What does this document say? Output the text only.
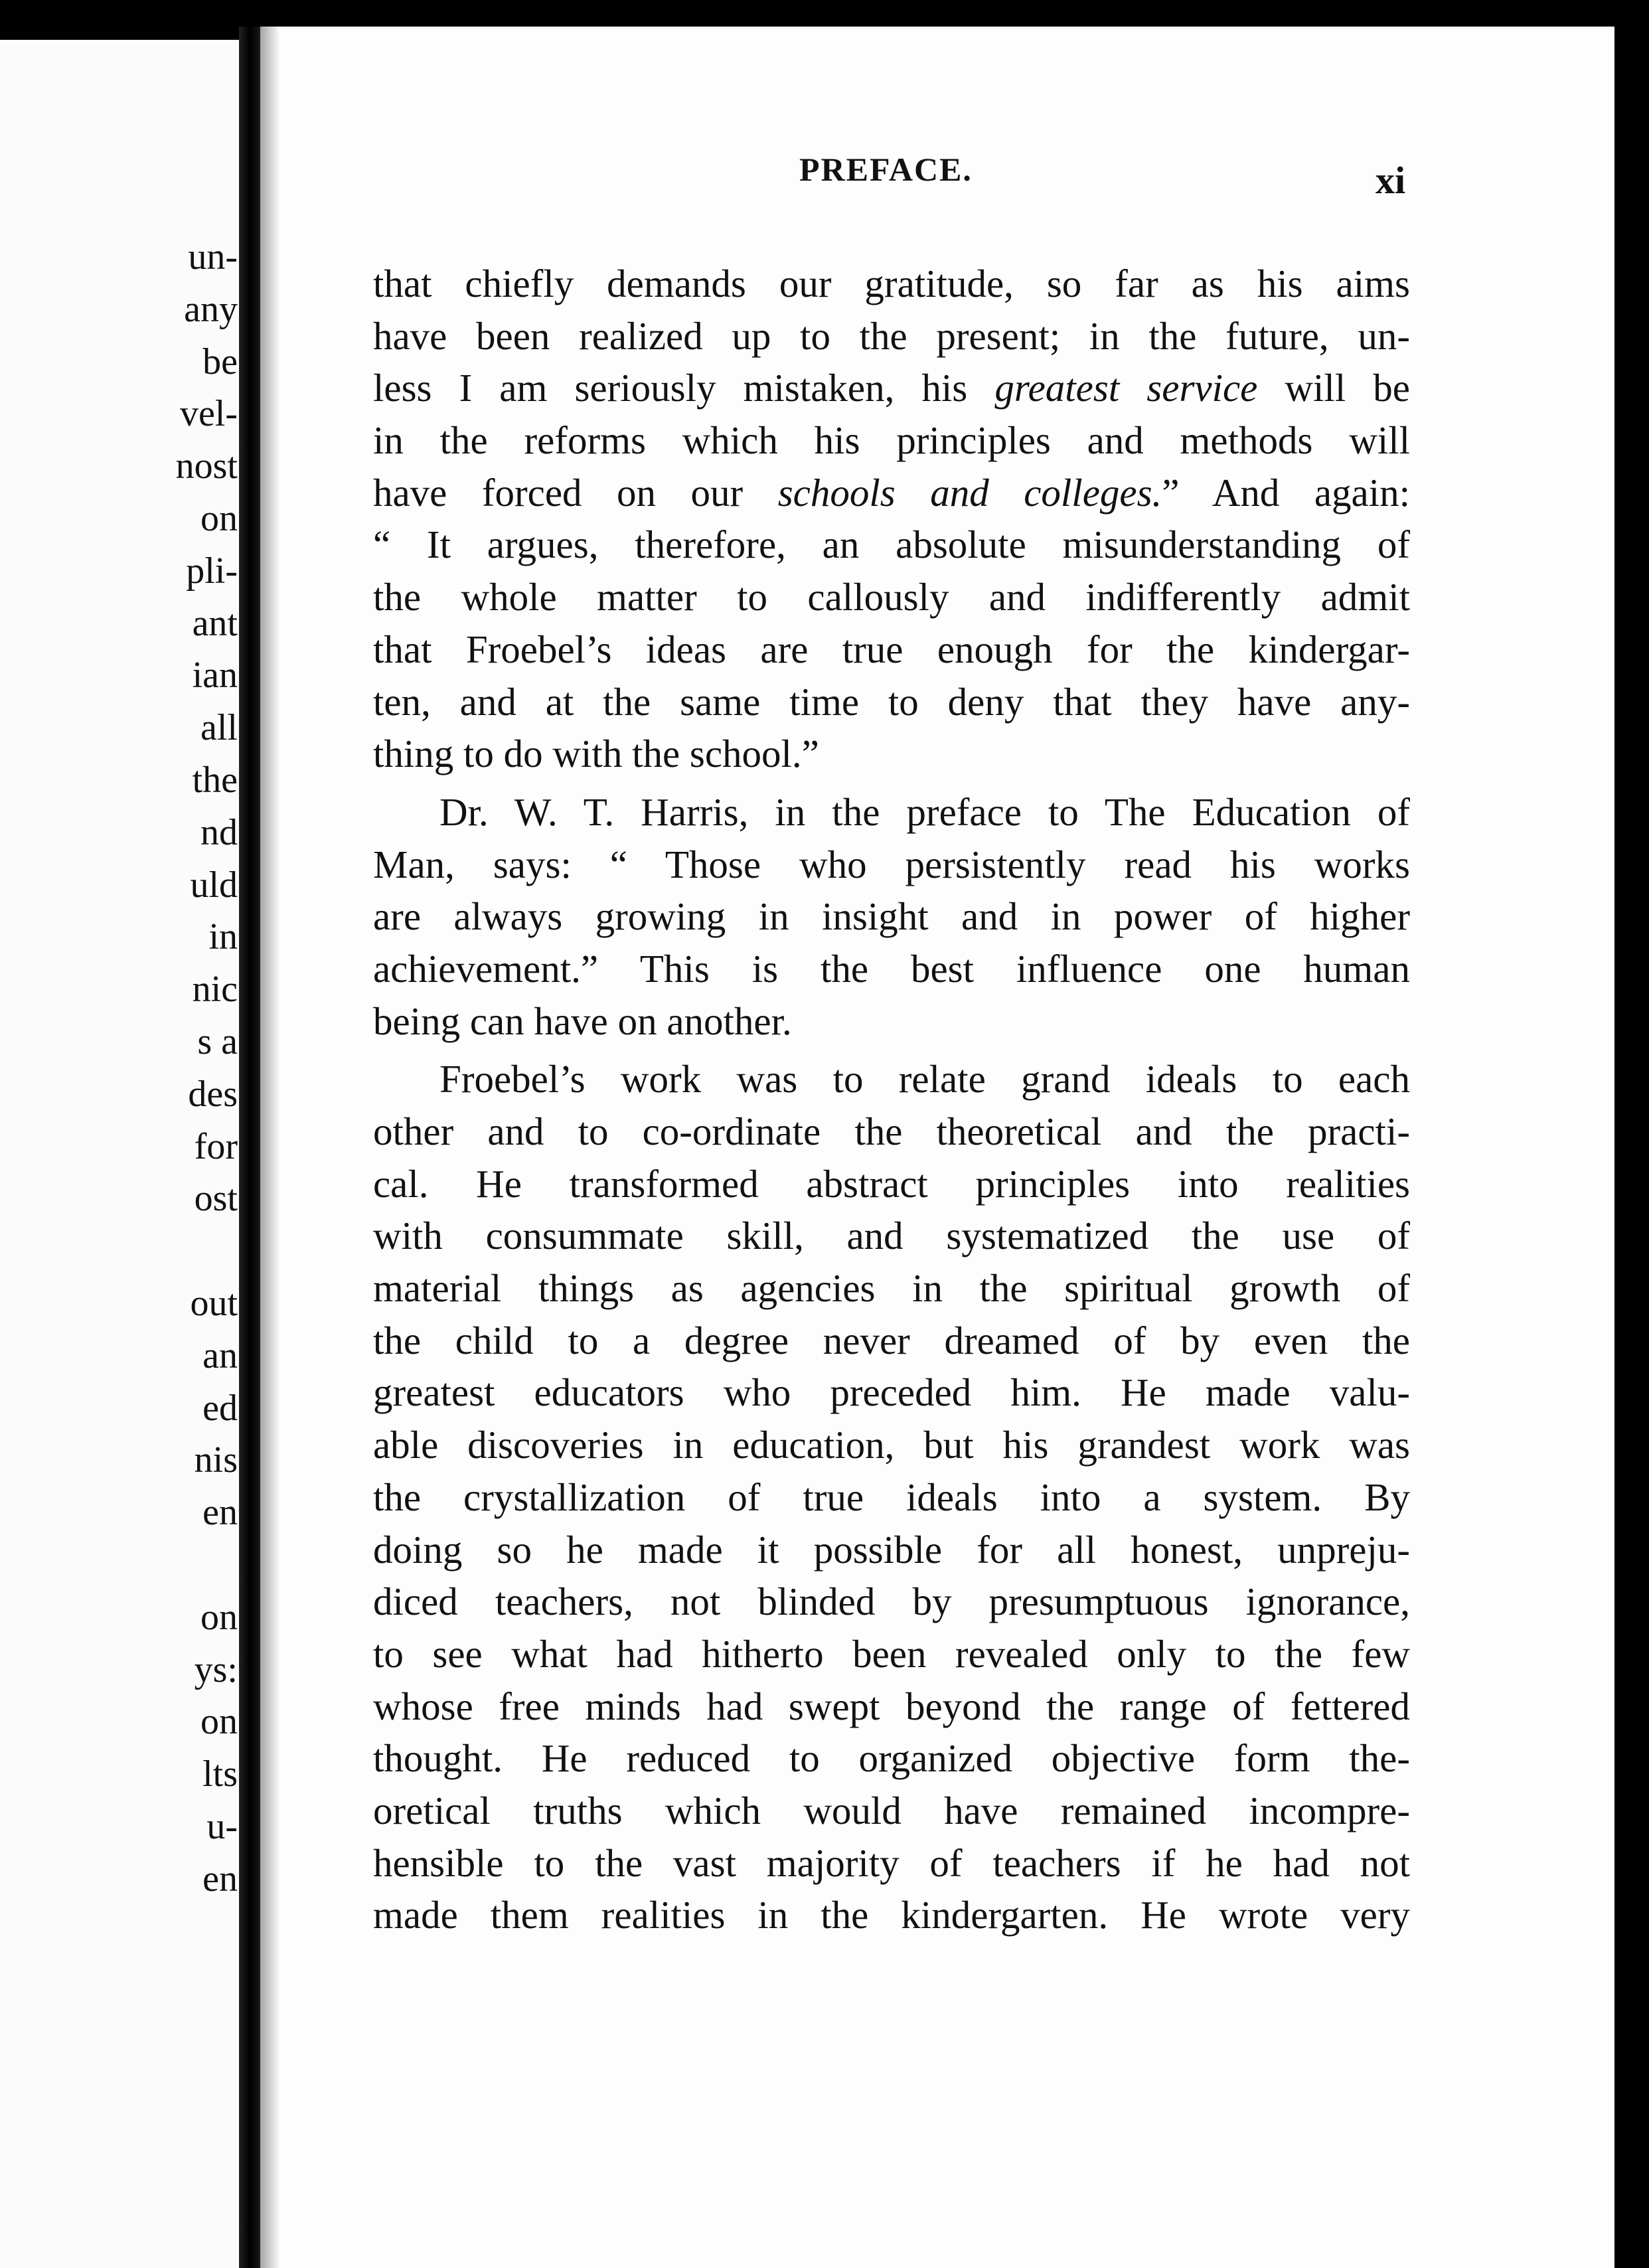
un-
any
be
vel-
nost
on
pli-
ant
ian
all
the
nd
uld
in
nic
s a
des
for
ost
out
an
ed
nis
en
on
ys:
on
lts
u-
en
PREFACE.	xi
that chiefly demands our gratitude, so far as his aims
have been realized up to the present; in the future, un-
less I am seriously mistaken, his greatest service will be
in the reforms which his principles and methods will
have forced on our schools and colleges.” And again:
“ It argues, therefore, an absolute misunderstanding of
the whole matter to callously and indifferently admit
that Froebel’s ideas are true enough for the kindergar-
ten, and at the same time to deny that they have any-
thing to do with the school.”
Dr. W. T. Harris, in the preface to The Education of
Man, says: “ Those who persistently read his works
are always growing in insight and in power of higher
achievement.” This is the best influence one human
being can have on another.
Froebel’s work was to relate grand ideals to each
other and to co-ordinate the theoretical and the practi-
cal. He transformed abstract principles into realities
with consummate skill, and systematized the use of
material things as agencies in the spiritual growth of
the child to a degree never dreamed of by even the
greatest educators who preceded him. He made valu-
able discoveries in education, but his grandest work was
the crystallization of true ideals into a system. By
doing so he made it possible for all honest, unpreju-
diced teachers, not blinded by presumptuous ignorance,
to see what had hitherto been revealed only to the few
whose free minds had swept beyond the range of fettered
thought. He reduced to organized objective form the-
oretical truths which would have remained incompre-
hensible to the vast majority of teachers if he had not
made them realities in the kindergarten. He wrote very
